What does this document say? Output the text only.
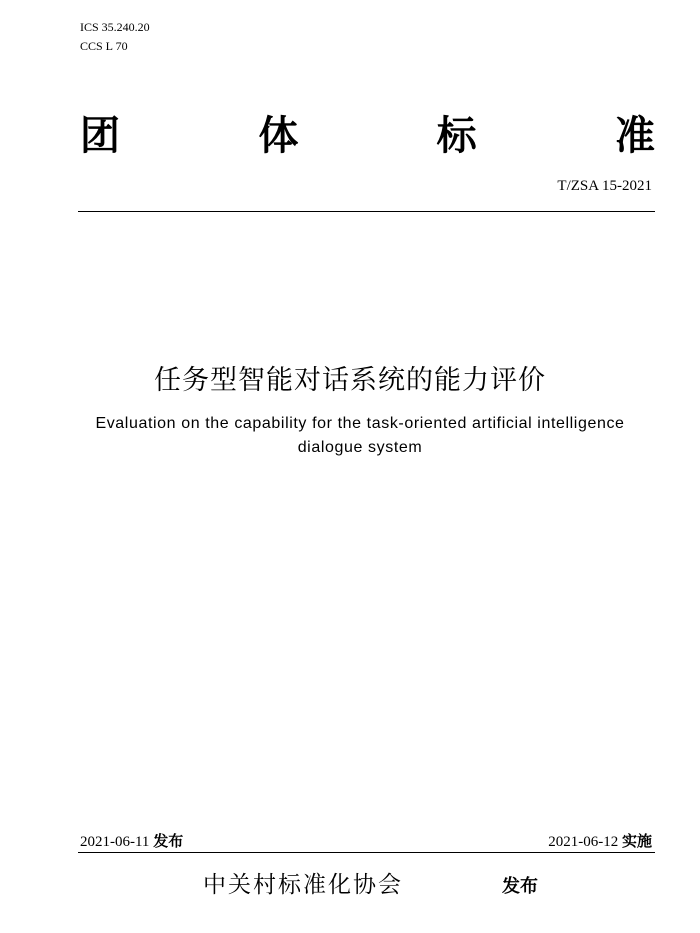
ICS 35.240.20
CCS L 70
团	体	标	准
T/ZSA 15-2021
任务型智能对话系统的能力评价
Evaluation on the capability for the task-oriented artificial intelligence dialogue system
2021-06-11 发布	2021-06-12 实施
中关村标准化协会	发布
